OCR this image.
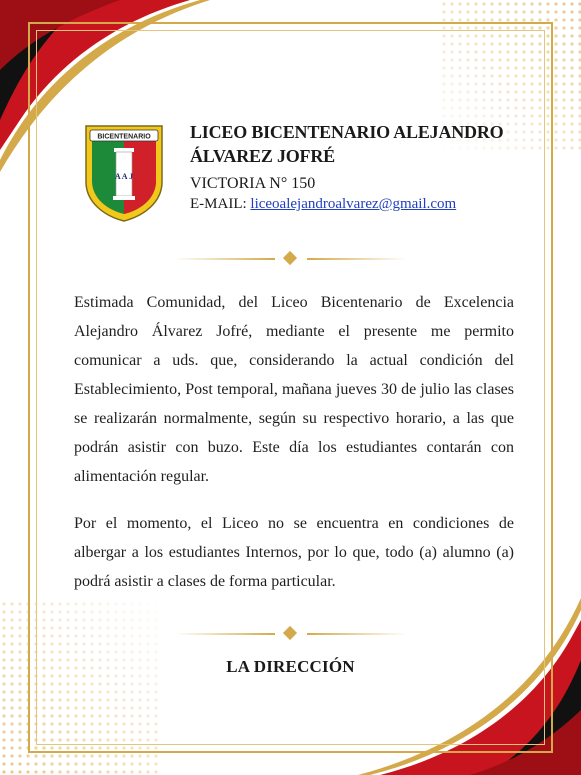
BICENTENARIO
A A J
LICEO BICENTENARIO ALEJANDRO ÁLVAREZ JOFRÉ
VICTORIA N° 150
E-MAIL: liceoalejandroalvarez@gmail.com
Estimada Comunidad, del Liceo Bicentenario de Excelencia Alejandro Álvarez Jofré, mediante el presente me permito comunicar a uds. que, considerando la actual condición del Establecimiento, Post temporal, mañana jueves 30 de julio las clases se realizarán normalmente, según su respectivo horario, a las que podrán asistir con buzo. Este día los estudiantes contarán con alimentación regular.
Por el momento, el Liceo no se encuentra en condiciones de albergar a los estudiantes Internos, por lo que, todo (a) alumno (a) podrá asistir a clases de forma particular.
LA DIRECCIÓN
